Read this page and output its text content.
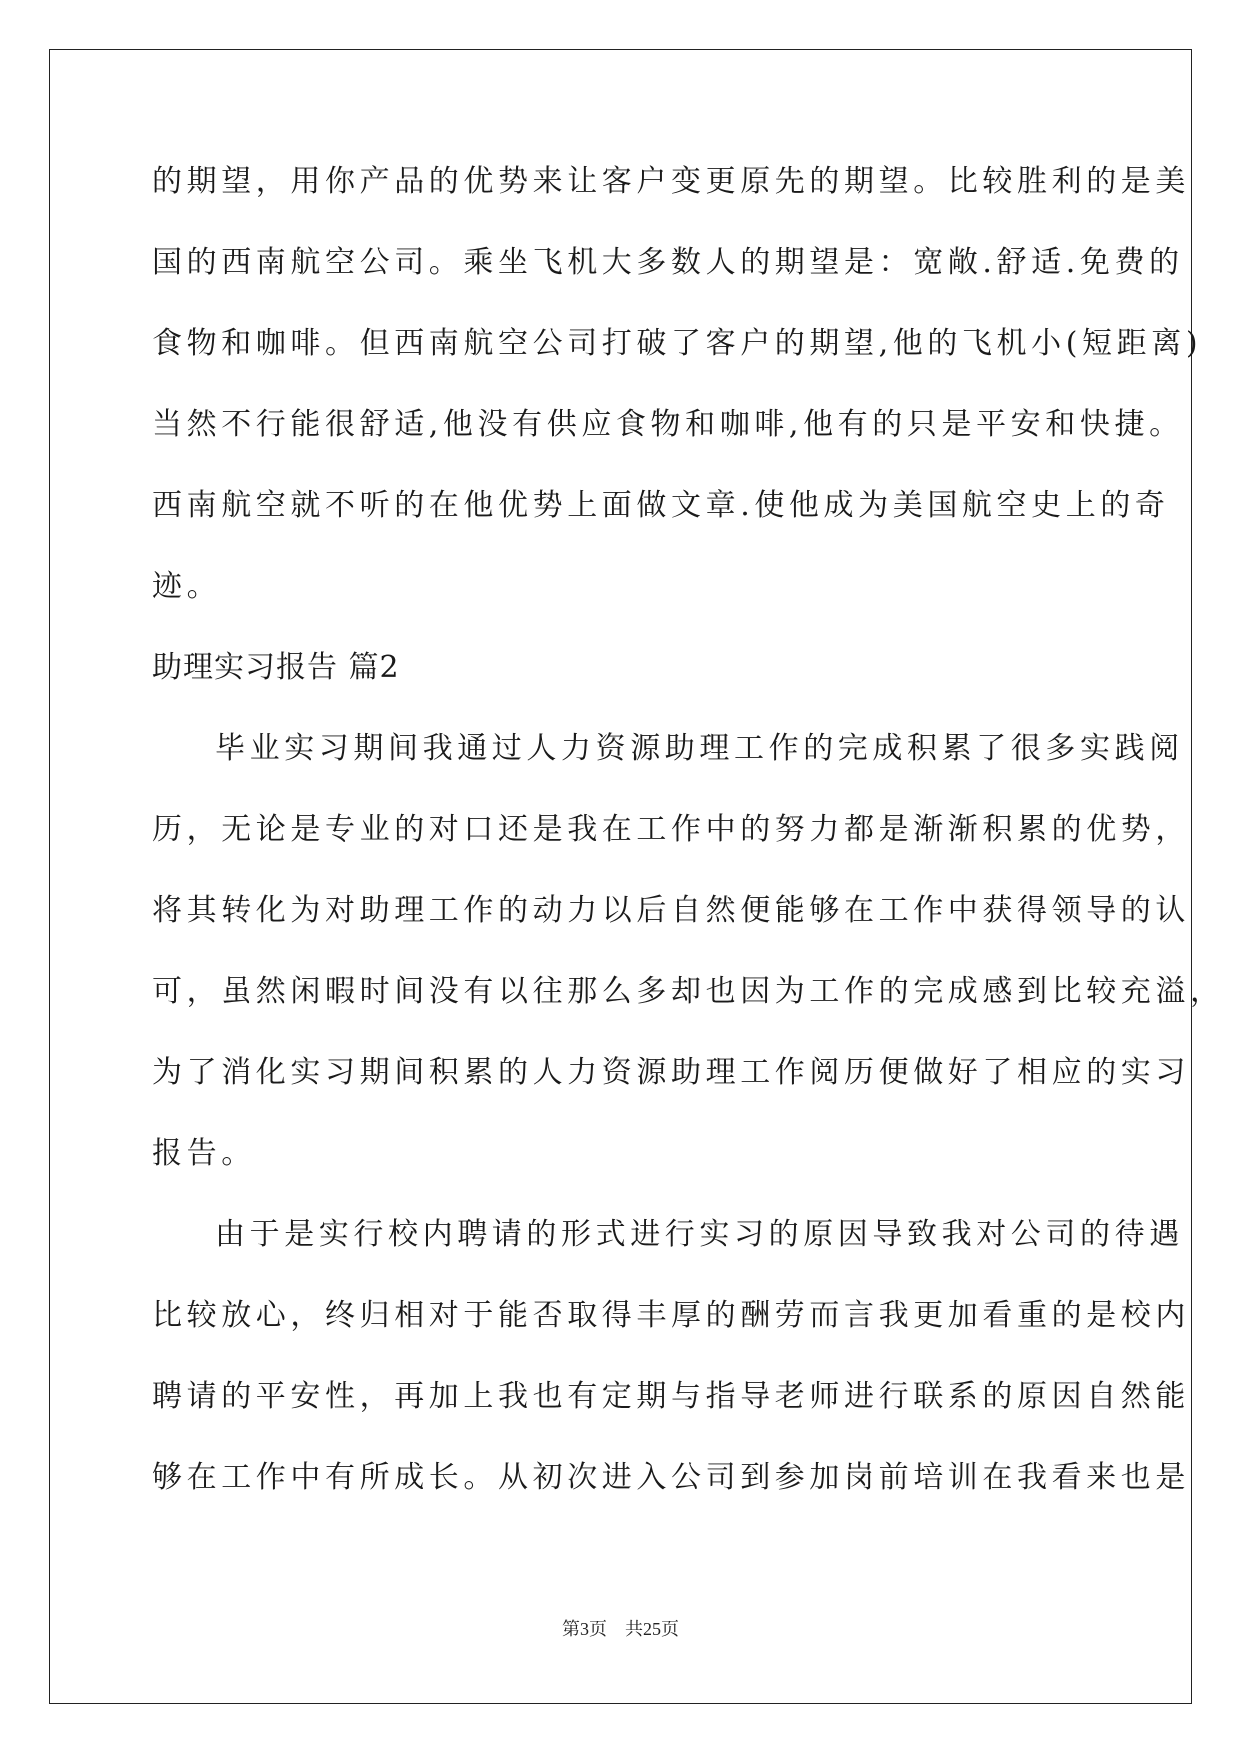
的期望，用你产品的优势来让客户变更原先的期望。比较胜利的是美
国的西南航空公司。乘坐飞机大多数人的期望是：宽敞.舒适.免费的
食物和咖啡。但西南航空公司打破了客户的期望,他的飞机小(短距离)
当然不行能很舒适,他没有供应食物和咖啡,他有的只是平安和快捷。
西南航空就不听的在他优势上面做文章.使他成为美国航空史上的奇
迹。
助理实习报告 篇2
毕业实习期间我通过人力资源助理工作的完成积累了很多实践阅
历，无论是专业的对口还是我在工作中的努力都是渐渐积累的优势，
将其转化为对助理工作的动力以后自然便能够在工作中获得领导的认
可，虽然闲暇时间没有以往那么多却也因为工作的完成感到比较充溢，
为了消化实习期间积累的人力资源助理工作阅历便做好了相应的实习
报告。
由于是实行校内聘请的形式进行实习的原因导致我对公司的待遇
比较放心，终归相对于能否取得丰厚的酬劳而言我更加看重的是校内
聘请的平安性，再加上我也有定期与指导老师进行联系的原因自然能
够在工作中有所成长。从初次进入公司到参加岗前培训在我看来也是
第3页 共25页
